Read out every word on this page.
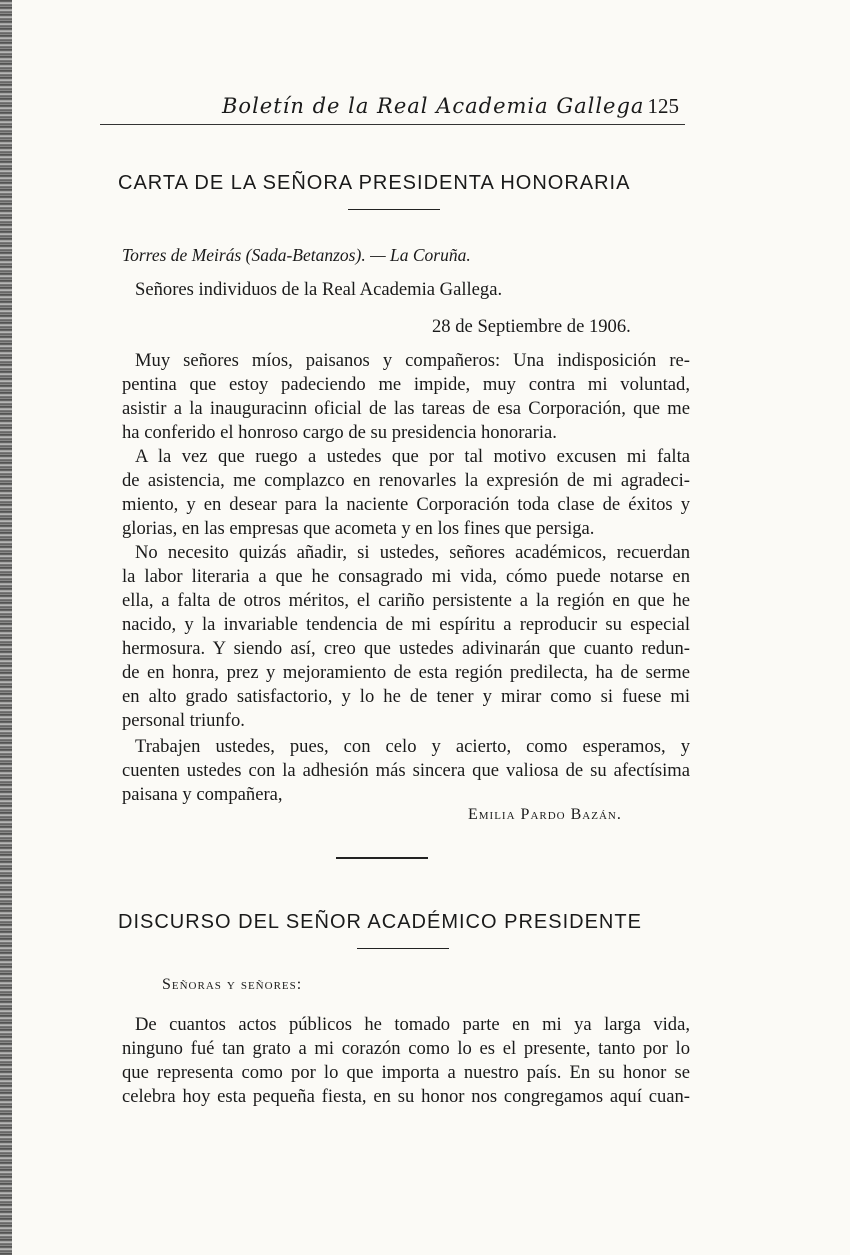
Boletín de la Real Academia Gallega 125
CARTA DE LA SEÑORA PRESIDENTA HONORARIA
Torres de Meirás (Sada-Betanzos). — La Coruña.
Señores individuos de la Real Academia Gallega.
28 de Septiembre de 1906.
Muy señores míos, paisanos y compañeros: Una indisposición re-
pentina que estoy padeciendo me impide, muy contra mi voluntad,
asistir a la inauguracinn oficial de las tareas de esa Corporación, que me
ha conferido el honroso cargo de su presidencia honoraria.
A la vez que ruego a ustedes que por tal motivo excusen mi falta
de asistencia, me complazco en renovarles la expresión de mi agradeci-
miento, y en desear para la naciente Corporación toda clase de éxitos y
glorias, en las empresas que acometa y en los fines que persiga.
No necesito quizás añadir, si ustedes, señores académicos, recuerdan
la labor literaria a que he consagrado mi vida, cómo puede notarse en
ella, a falta de otros méritos, el cariño persistente a la región en que he
nacido, y la invariable tendencia de mi espíritu a reproducir su especial
hermosura. Y siendo así, creo que ustedes adivinarán que cuanto redun-
de en honra, prez y mejoramiento de esta región predilecta, ha de serme
en alto grado satisfactorio, y lo he de tener y mirar como si fuese mi
personal triunfo.
Trabajen ustedes, pues, con celo y acierto, como esperamos, y
cuenten ustedes con la adhesión más sincera que valiosa de su afectísima
paisana y compañera,
Emilia Pardo Bazán.
DISCURSO DEL SEÑOR ACADÉMICO PRESIDENTE
Señoras y señores:
De cuantos actos públicos he tomado parte en mi ya larga vida,
ninguno fué tan grato a mi corazón como lo es el presente, tanto por lo
que representa como por lo que importa a nuestro país. En su honor se
celebra hoy esta pequeña fiesta, en su honor nos congregamos aquí cuan-
